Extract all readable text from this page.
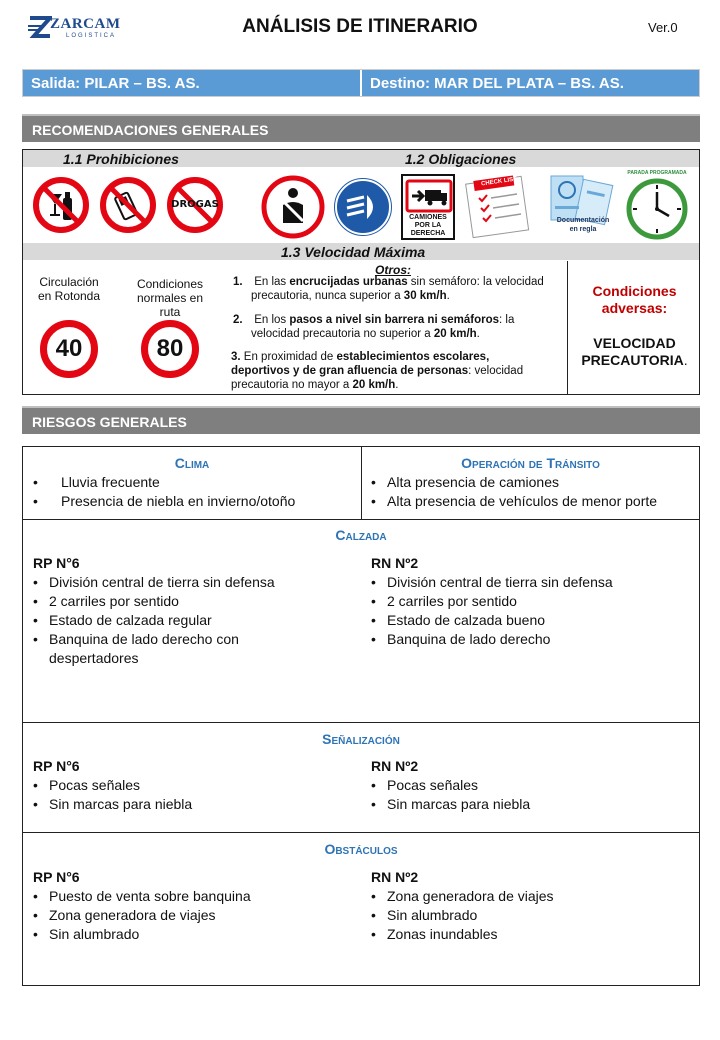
ZARCAM
LOGISTICA	ANÁLISIS DE ITINERARIO	Ver.0
Salida: PILAR – BS. AS.	Destino: MAR DEL PLATA – BS. AS.
RECOMENDACIONES GENERALES
1.1 Prohibiciones	1.2 Obligaciones
DROGAS
CAMIONES
POR LA
DERECHA
CHECK LIST
Documentación
en regla
PARADA PROGRAMADA
1.3 Velocidad Máxima
Circulación en Rotonda
40
Condiciones normales en ruta
80
Otros:
1. En las encrucijadas urbanas sin semáforo: la velocidad precautoria, nunca superior a 30 km/h.
2. En los pasos a nivel sin barrera ni semáforos: la velocidad precautoria no superior a 20 km/h.
3. En proximidad de establecimientos escolares, deportivos y de gran afluencia de personas: velocidad precautoria no mayor a 20 km/h.
Condiciones adversas:
VELOCIDAD PRECAUTORIA.
RIESGOS GENERALES
Clima
• Lluvia frecuente
• Presencia de niebla en invierno/otoño
Operación de Tránsito
• Alta presencia de camiones
• Alta presencia de vehículos de menor porte
Calzada
RP N°6
• División central de tierra sin defensa
• 2 carriles por sentido
• Estado de calzada regular
• Banquina de lado derecho con despertadores
RN Nº2
• División central de tierra sin defensa
• 2 carriles por sentido
• Estado de calzada bueno
• Banquina de lado derecho
Señalización
RP N°6
• Pocas señales
• Sin marcas para niebla
RN Nº2
• Pocas señales
• Sin marcas para niebla
Obstáculos
RP N°6
• Puesto de venta sobre banquina
• Zona generadora de viajes
• Sin alumbrado
RN Nº2
• Zona generadora de viajes
• Sin alumbrado
• Zonas inundables
